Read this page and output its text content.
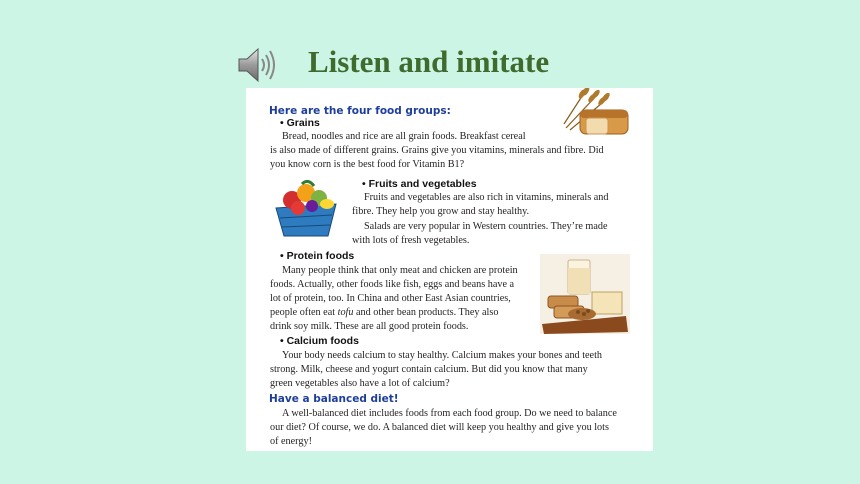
Listen and imitate
Here are the four food groups:
• Grains
Bread, noodles and rice are all grain foods. Breakfast cereal
is also made of different grains. Grains give you vitamins, minerals and fibre. Did
you know corn is the best food for Vitamin B1?
• Fruits and vegetables
Fruits and vegetables are also rich in vitamins, minerals and
fibre. They help you grow and stay healthy.
Salads are very popular in Western countries. They’re made
with lots of fresh vegetables.
• Protein foods
Many people think that only meat and chicken are protein
foods. Actually, other foods like fish, eggs and beans have a
lot of protein, too. In China and other East Asian countries,
people often eat tofu and other bean products. They also
drink soy milk. These are all good protein foods.
• Calcium foods
Your body needs calcium to stay healthy. Calcium makes your bones and teeth
strong. Milk, cheese and yogurt contain calcium. But did you know that many
green vegetables also have a lot of calcium?
Have a balanced diet!
A well-balanced diet includes foods from each food group. Do we need to balance
our diet? Of course, we do. A balanced diet will keep you healthy and give you lots
of energy!
